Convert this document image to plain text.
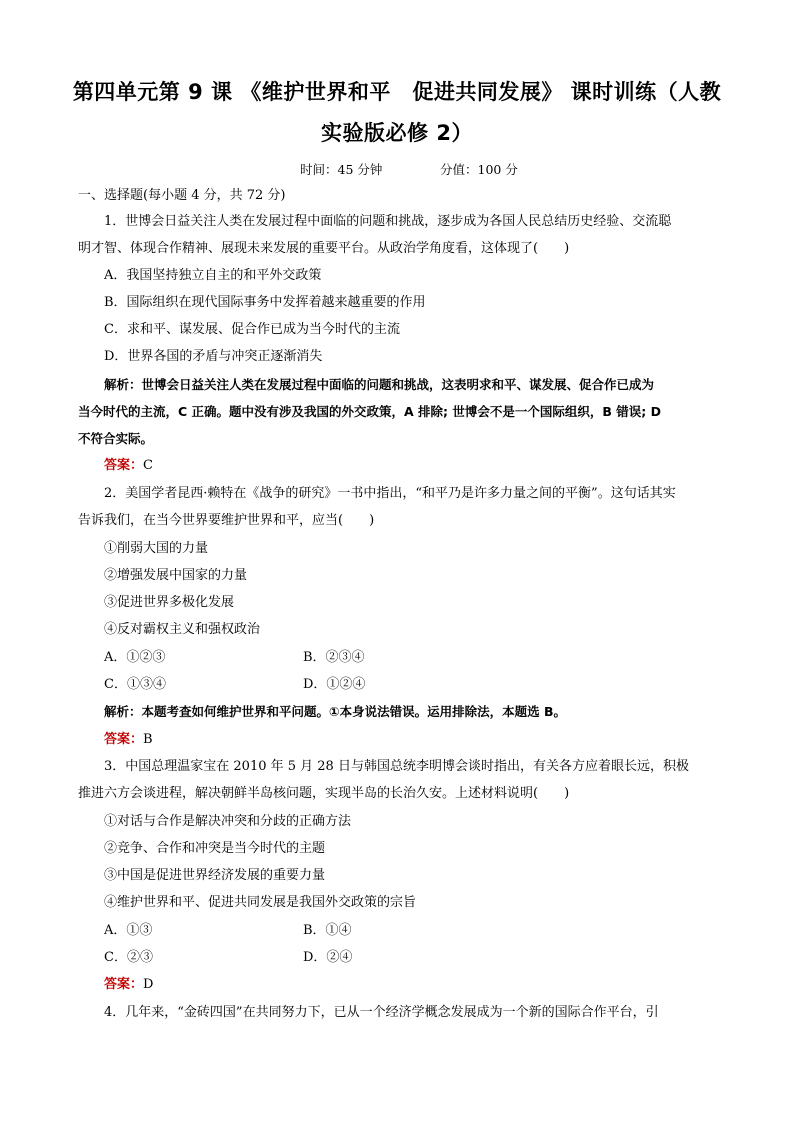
第四单元第 9 课 《维护世界和平　促进共同发展》 课时训练（人教
实验版必修 2）
时间：45 分钟	分值：100 分
一、选择题(每小题 4 分，共 72 分)
1．世博会日益关注人类在发展过程中面临的问题和挑战，逐步成为各国人民总结历史经验、交流聪
明才智、体现合作精神、展现未来发展的重要平台。从政治学角度看，这体现了(　　)
A．我国坚持独立自主的和平外交政策
B．国际组织在现代国际事务中发挥着越来越重要的作用
C．求和平、谋发展、促合作已成为当今时代的主流
D．世界各国的矛盾与冲突正逐渐消失
解析：世博会日益关注人类在发展过程中面临的问题和挑战，这表明求和平、谋发展、促合作已成为
当今时代的主流，C 正确。题中没有涉及我国的外交政策，A 排除; 世博会不是一个国际组织，B 错误; D
不符合实际。
答案：C
2．美国学者昆西·赖特在《战争的研究》一书中指出，“和平乃是许多力量之间的平衡”。这句话其实
告诉我们，在当今世界要维护世界和平，应当(　　)
①削弱大国的力量
②增强发展中国家的力量
③促进世界多极化发展
④反对霸权主义和强权政治
A．①②③	B．②③④
C．①③④	D．①②④
解析：本题考查如何维护世界和平问题。①本身说法错误。运用排除法，本题选 B。
答案：B
3．中国总理温家宝在 2010 年 5 月 28 日与韩国总统李明博会谈时指出，有关各方应着眼长远，积极
推进六方会谈进程，解决朝鲜半岛核问题，实现半岛的长治久安。上述材料说明(　　)
①对话与合作是解决冲突和分歧的正确方法
②竞争、合作和冲突是当今时代的主题
③中国是促进世界经济发展的重要力量
④维护世界和平、促进共同发展是我国外交政策的宗旨
A．①③	B．①④
C．②③	D．②④
答案：D
4．几年来，“金砖四国”在共同努力下，已从一个经济学概念发展成为一个新的国际合作平台，引
